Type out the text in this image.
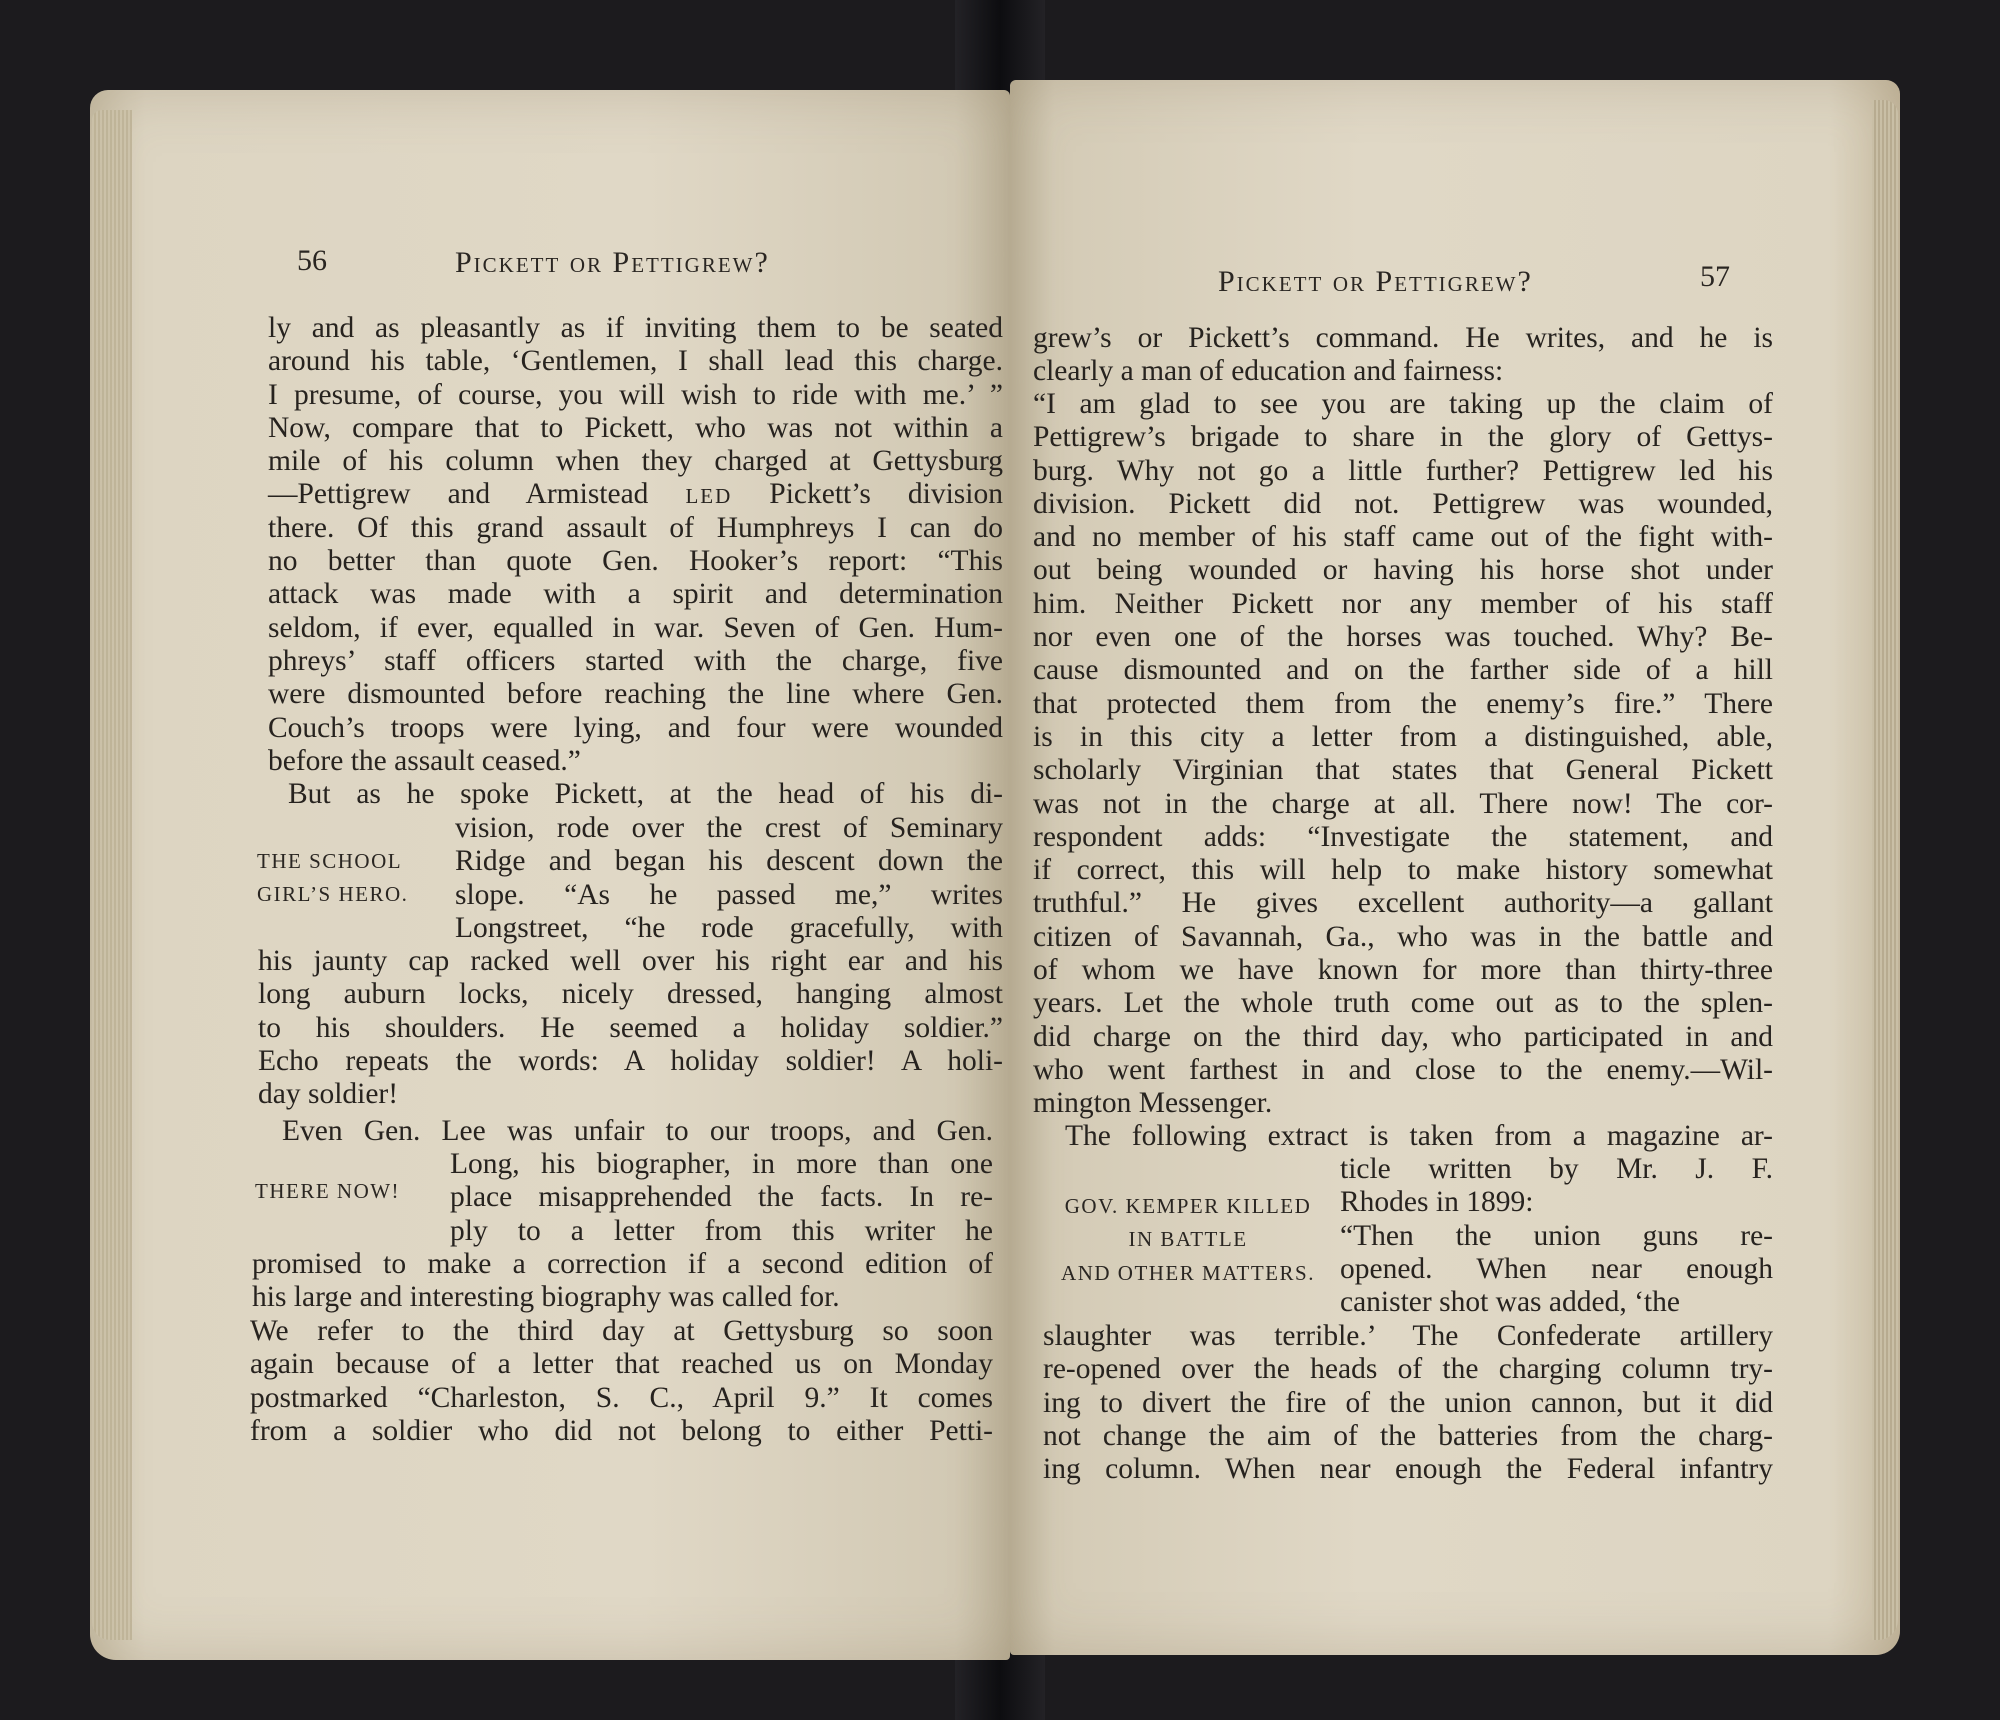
56	Pickett or Pettigrew?
ly and as pleasantly as if inviting them to be seated
around his table, ‘Gentlemen, I shall lead this charge.
I presume, of course, you will wish to ride with me.’ ”
Now, compare that to Pickett, who was not within a
mile of his column when they charged at Gettysburg
—Pettigrew and Armistead led Pickett’s division
there. Of this grand assault of Humphreys I can do
no better than quote Gen. Hooker’s report: “This
attack was made with a spirit and determination
seldom, if ever, equalled in war. Seven of Gen. Hum-
phreys’ staff officers started with the charge, five
were dismounted before reaching the line where Gen.
Couch’s troops were lying, and four were wounded
before the assault ceased.”
But as he spoke Pickett, at the head of his di-
vision, rode over the crest of Seminary
Ridge and began his descent down the
slope. “As he passed me,” writes
Longstreet, “he rode gracefully, with
THE SCHOOL
GIRL’S HERO.
his jaunty cap racked well over his right ear and his
long auburn locks, nicely dressed, hanging almost
to his shoulders. He seemed a holiday soldier.”
Echo repeats the words: A holiday soldier! A holi-
day soldier!
Even Gen. Lee was unfair to our troops, and Gen.
Long, his biographer, in more than one
place misapprehended the facts. In re-
ply to a letter from this writer he
THERE NOW!
promised to make a correction if a second edition of
his large and interesting biography was called for.
We refer to the third day at Gettysburg so soon
again because of a letter that reached us on Monday
postmarked “Charleston, S. C., April 9.” It comes
from a soldier who did not belong to either Petti-
Pickett or Pettigrew?	57
grew’s or Pickett’s command. He writes, and he is
clearly a man of education and fairness:
“I am glad to see you are taking up the claim of
Pettigrew’s brigade to share in the glory of Gettys-
burg. Why not go a little further? Pettigrew led his
division. Pickett did not. Pettigrew was wounded,
and no member of his staff came out of the fight with-
out being wounded or having his horse shot under
him. Neither Pickett nor any member of his staff
nor even one of the horses was touched. Why? Be-
cause dismounted and on the farther side of a hill
that protected them from the enemy’s fire.” There
is in this city a letter from a distinguished, able,
scholarly Virginian that states that General Pickett
was not in the charge at all. There now! The cor-
respondent adds: “Investigate the statement, and
if correct, this will help to make history somewhat
truthful.” He gives excellent authority—a gallant
citizen of Savannah, Ga., who was in the battle and
of whom we have known for more than thirty-three
years. Let the whole truth come out as to the splen-
did charge on the third day, who participated in and
who went farthest in and close to the enemy.—Wil-
mington Messenger.
The following extract is taken from a magazine ar-
ticle written by Mr. J. F.
Rhodes in 1899:
“Then the union guns re-
opened. When near enough
canister shot was added, ‘the
GOV. KEMPER KILLED
IN BATTLE
AND OTHER MATTERS.
slaughter was terrible.’ The Confederate artillery
re-opened over the heads of the charging column try-
ing to divert the fire of the union cannon, but it did
not change the aim of the batteries from the charg-
ing column. When near enough the Federal infantry
